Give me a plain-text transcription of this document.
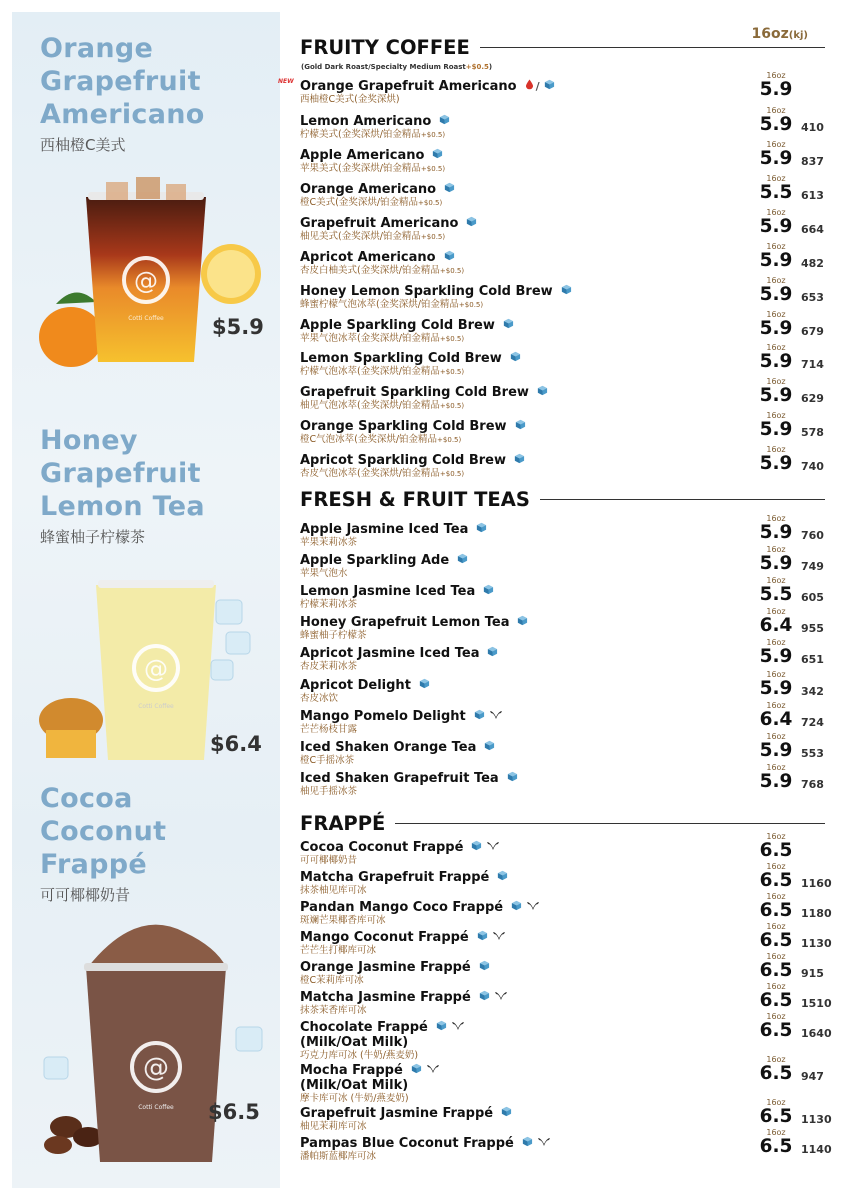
Orange
Grapefruit
Americano
西柚橙C美式
@
Cotti Coffee $5.9
Honey
Grapefruit
Lemon Tea
蜂蜜柚子柠檬茶
@
Cotti Coffee
$6.4
Cocoa
Coconut
Frappé
可可椰椰奶昔
@
Cotti Coffee $6.5
16oz(kj)
FRUITY COFFEE
(Gold Dark Roast/Specialty Medium Roast+$0.5)
NEW Orange Grapefruit Americano /
西柚橙C美式(金奖深烘)
16oz
5.9
Lemon Americano
柠檬美式(金奖深烘/铂金精品+$0.5)
16oz
5.9 410
Apple Americano
苹果美式(金奖深烘/铂金精品+$0.5)
16oz
5.9 837
Orange Americano
橙C美式(金奖深烘/铂金精品+$0.5)
16oz
5.5 613
Grapefruit Americano
柚见美式(金奖深烘/铂金精品+$0.5)
16oz
5.9 664
Apricot Americano
杏皮白柚美式(金奖深烘/铂金精品+$0.5)
16oz
5.9 482
Honey Lemon Sparkling Cold Brew
蜂蜜柠檬气泡冰萃(金奖深烘/铂金精品+$0.5)
16oz
5.9 653
Apple Sparkling Cold Brew
苹果气泡冰萃(金奖深烘/铂金精品+$0.5)
16oz
5.9 679
Lemon Sparkling Cold Brew
柠檬气泡冰萃(金奖深烘/铂金精品+$0.5)
16oz
5.9 714
Grapefruit Sparkling Cold Brew
柚见气泡冰萃(金奖深烘/铂金精品+$0.5)
16oz
5.9 629
Orange Sparkling Cold Brew
橙C气泡冰萃(金奖深烘/铂金精品+$0.5)
16oz
5.9 578
Apricot Sparkling Cold Brew
杏皮气泡冰萃(金奖深烘/铂金精品+$0.5)
16oz
5.9 740
FRESH & FRUIT TEAS
Apple Jasmine Iced Tea
苹果茉莉冰茶
16oz
5.9 760
Apple Sparkling Ade
苹果气泡水
16oz
5.9 749
Lemon Jasmine Iced Tea
柠檬茉莉冰茶
16oz
5.5 605
Honey Grapefruit Lemon Tea
蜂蜜柚子柠檬茶
16oz
6.4 955
Apricot Jasmine Iced Tea
杏皮茉莉冰茶
16oz
5.9 651
Apricot Delight
杏皮冰饮
16oz
5.9 342
Mango Pomelo Delight
芒芒杨枝甘露
16oz
6.4 724
Iced Shaken Orange Tea
橙C手摇冰茶
16oz
5.9 553
Iced Shaken Grapefruit Tea
柚见手摇冰茶
16oz
5.9 768
FRAPPÉ
Cocoa Coconut Frappé
可可椰椰奶昔
16oz
6.5
Matcha Grapefruit Frappé
抹茶柚见库可冰
16oz
6.5 1160
Pandan Mango Coco Frappé
斑斓芒果椰香库可冰
16oz
6.5 1180
Mango Coconut Frappé
芒芒生打椰库可冰
16oz
6.5 1130
Orange Jasmine Frappé
橙C茉莉库可冰
16oz
6.5 915
Matcha Jasmine Frappé
抹茶茉香库可冰
16oz
6.5 1510
Chocolate Frappé
(Milk/Oat Milk)
巧克力库可冰 (牛奶/燕麦奶)
16oz
6.5 1640
Mocha Frappé
(Milk/Oat Milk)
摩卡库可冰 (牛奶/燕麦奶)
16oz
6.5 947
Grapefruit Jasmine Frappé
柚见茉莉库可冰
16oz
6.5 1130
Pampas Blue Coconut Frappé
潘帕斯蓝椰库可冰
16oz
6.5 1140
